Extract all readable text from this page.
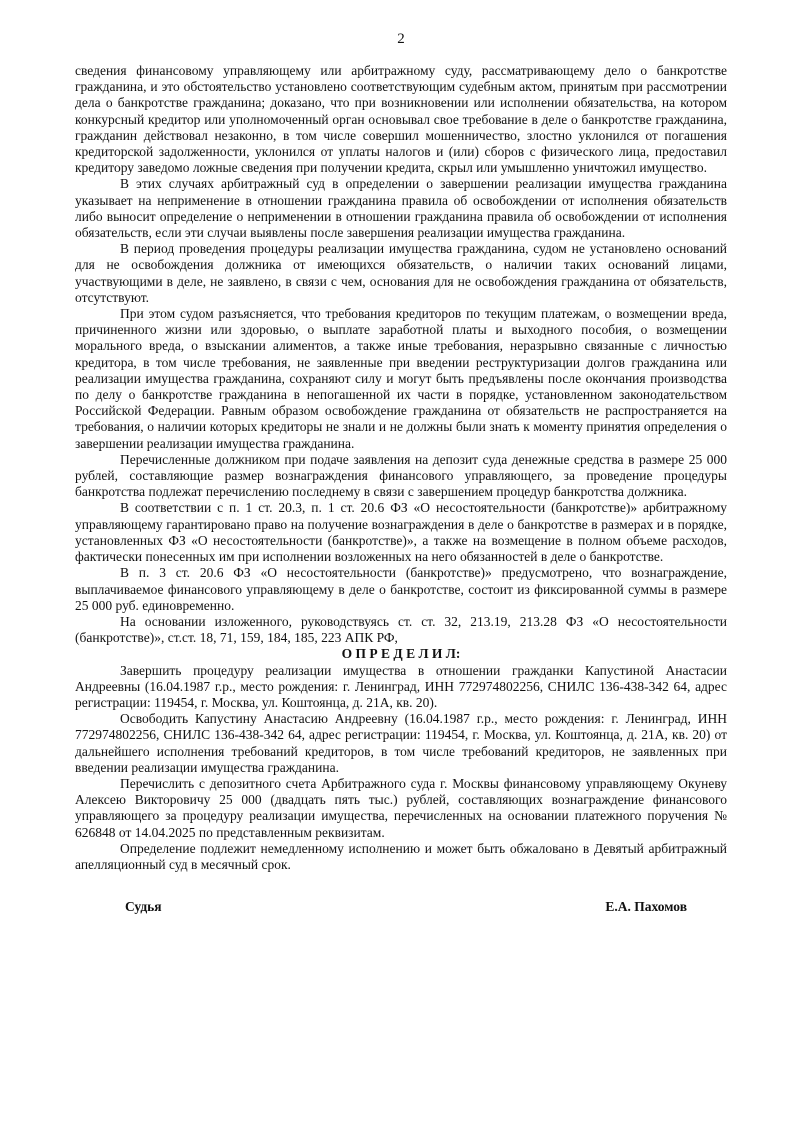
2

сведения финансовому управляющему или арбитражному суду, рассматривающему дело о банкротстве гражданина, и это обстоятельство установлено соответствующим судебным актом, принятым при рассмотрении дела о банкротстве гражданина; доказано, что при возникновении или исполнении обязательства, на котором конкурсный кредитор или уполномоченный орган основывал свое требование в деле о банкротстве гражданина, гражданин действовал незаконно, в том числе совершил мошенничество, злостно уклонился от погашения кредиторской задолженности, уклонился от уплаты налогов и (или) сборов с физического лица, предоставил кредитору заведомо ложные сведения при получении кредита, скрыл или умышленно уничтожил имущество.

В этих случаях арбитражный суд в определении о завершении реализации имущества гражданина указывает на неприменение в отношении гражданина правила об освобождении от исполнения обязательств либо выносит определение о неприменении в отношении гражданина правила об освобождении от исполнения обязательств, если эти случаи выявлены после завершения реализации имущества гражданина.

В период проведения процедуры реализации имущества гражданина, судом не установлено оснований для не освобождения должника от имеющихся обязательств, о наличии таких оснований лицами, участвующими в деле, не заявлено, в связи с чем, основания для не освобождения гражданина от обязательств, отсутствуют.

При этом судом разъясняется, что требования кредиторов по текущим платежам, о возмещении вреда, причиненного жизни или здоровью, о выплате заработной платы и выходного пособия, о возмещении морального вреда, о взыскании алиментов, а также иные требования, неразрывно связанные с личностью кредитора, в том числе требования, не заявленные при введении реструктуризации долгов гражданина или реализации имущества гражданина, сохраняют силу и могут быть предъявлены после окончания производства по делу о банкротстве гражданина в непогашенной их части в порядке, установленном законодательством Российской Федерации. Равным образом освобождение гражданина от обязательств не распространяется на требования, о наличии которых кредиторы не знали и не должны были знать к моменту принятия определения о завершении реализации имущества гражданина.

Перечисленные должником при подаче заявления на депозит суда денежные средства в размере 25 000 рублей, составляющие размер вознаграждения финансового управляющего, за проведение процедуры банкротства подлежат перечислению последнему в связи с завершением процедур банкротства должника.

В соответствии с п. 1 ст. 20.3, п. 1 ст. 20.6 ФЗ «О несостоятельности (банкротстве)» арбитражному управляющему гарантировано право на получение вознаграждения в деле о банкротстве в размерах и в порядке, установленных ФЗ «О несостоятельности (банкротстве)», а также на возмещение в полном объеме расходов, фактически понесенных им при исполнении возложенных на него обязанностей в деле о банкротстве.

В п. 3 ст. 20.6 ФЗ «О несостоятельности (банкротстве)» предусмотрено, что вознаграждение, выплачиваемое финансового управляющему в деле о банкротстве, состоит из фиксированной суммы в размере 25 000 руб. единовременно.

На основании изложенного, руководствуясь ст. ст. 32, 213.19, 213.28 ФЗ «О несостоятельности (банкротстве)», ст.ст. 18, 71, 159, 184, 185, 223 АПК РФ,

О П Р Е Д Е Л И Л:

Завершить процедуру реализации имущества в отношении гражданки Капустиной Анастасии Андреевны (16.04.1987 г.р., место рождения: г. Ленинград, ИНН 772974802256, СНИЛС 136-438-342 64, адрес регистрации: 119454, г. Москва, ул. Коштоянца, д. 21А, кв. 20).

Освободить Капустину Анастасию Андреевну (16.04.1987 г.р., место рождения: г. Ленинград, ИНН 772974802256, СНИЛС 136-438-342 64, адрес регистрации: 119454, г. Москва, ул. Коштоянца, д. 21А, кв. 20) от дальнейшего исполнения требований кредиторов, в том числе требований кредиторов, не заявленных при введении реализации имущества гражданина.

Перечислить с депозитного счета Арбитражного суда г. Москвы финансовому управляющему Окуневу Алексею Викторовичу 25 000 (двадцать пять тыс.) рублей, составляющих вознаграждение финансового управляющего за процедуру реализации имущества, перечисленных на основании платежного поручения № 626848 от 14.04.2025 по представленным реквизитам.

Определение подлежит немедленному исполнению и может быть обжаловано в Девятый арбитражный апелляционный суд в месячный срок.

Судья	Е.А. Пахомов
